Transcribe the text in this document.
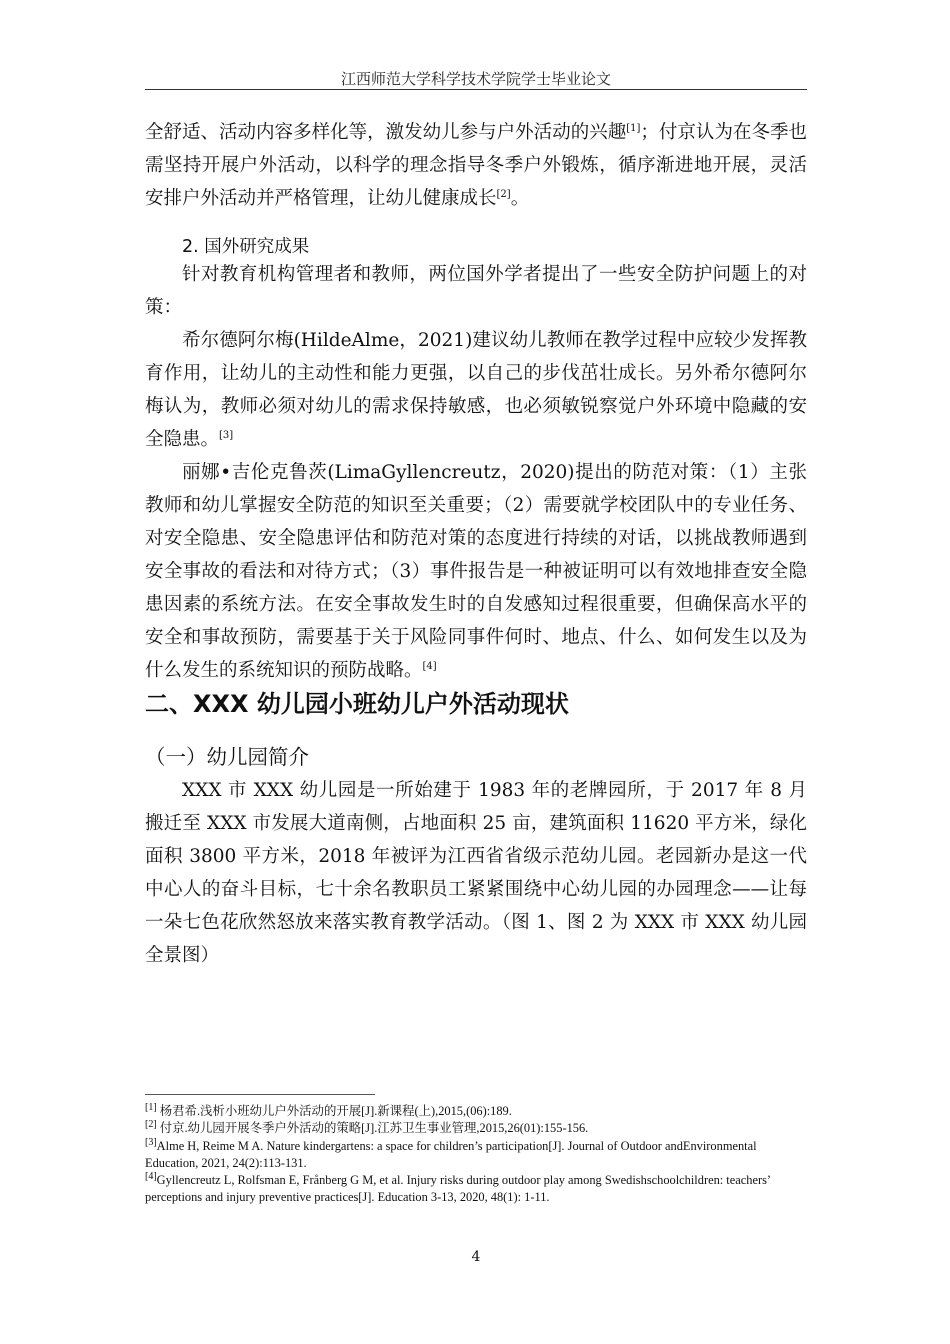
江西师范大学科学技术学院学士毕业论文

全舒适、活动内容多样化等，激发幼儿参与户外活动的兴趣[1]；付京认为在冬季也需坚持开展户外活动，以科学的理念指导冬季户外锻炼，循序渐进地开展，灵活安排户外活动并严格管理，让幼儿健康成长[2]。

2. 国外研究成果

针对教育机构管理者和教师，两位国外学者提出了一些安全防护问题上的对策：

希尔德阿尔梅(HildeAlme，2021)建议幼儿教师在教学过程中应较少发挥教育作用，让幼儿的主动性和能力更强，以自己的步伐茁壮成长。另外希尔德阿尔梅认为，教师必须对幼儿的需求保持敏感，也必须敏锐察觉户外环境中隐藏的安全隐患。[3]

丽娜•吉伦克鲁茨(LimaGyllencreutz，2020)提出的防范对策：（1）主张教师和幼儿掌握安全防范的知识至关重要；（2）需要就学校团队中的专业任务、对安全隐患、安全隐患评估和防范对策的态度进行持续的对话，以挑战教师遇到安全事故的看法和对待方式；（3）事件报告是一种被证明可以有效地排查安全隐患因素的系统方法。在安全事故发生时的自发感知过程很重要，但确保高水平的安全和事故预防，需要基于关于风险同事件何时、地点、什么、如何发生以及为什么发生的系统知识的预防战略。[4]

二、XXX 幼儿园小班幼儿户外活动现状
（一）幼儿园简介

XXX 市 XXX 幼儿园是一所始建于 1983 年的老牌园所，于 2017 年 8 月搬迁至 XXX 市发展大道南侧，占地面积 25 亩，建筑面积 11620 平方米，绿化面积 3800 平方米，2018 年被评为江西省省级示范幼儿园。老园新办是这一代中心人的奋斗目标，七十余名教职员工紧紧围绕中心幼儿园的办园理念——让每一朵七色花欣然怒放来落实教育教学活动。（图 1、图 2 为 XXX 市 XXX 幼儿园全景图）

[1] 杨君希.浅析小班幼儿户外活动的开展[J].新课程(上),2015,(06):189.

[2] 付京.幼儿园开展冬季户外活动的策略[J].江苏卫生事业管理,2015,26(01):155-156.

[3]Alme H, Reime M A. Nature kindergartens: a space for children’s participation[J]. Journal of Outdoor andEnvironmental Education, 2021, 24(2):113-131.

[4]Gyllencreutz L, Rolfsman E, Frånberg G M, et al. Injury risks during outdoor play among Swedishschoolchildren: teachers’ perceptions and injury preventive practices[J]. Education 3-13, 2020, 48(1): 1-11.

4
